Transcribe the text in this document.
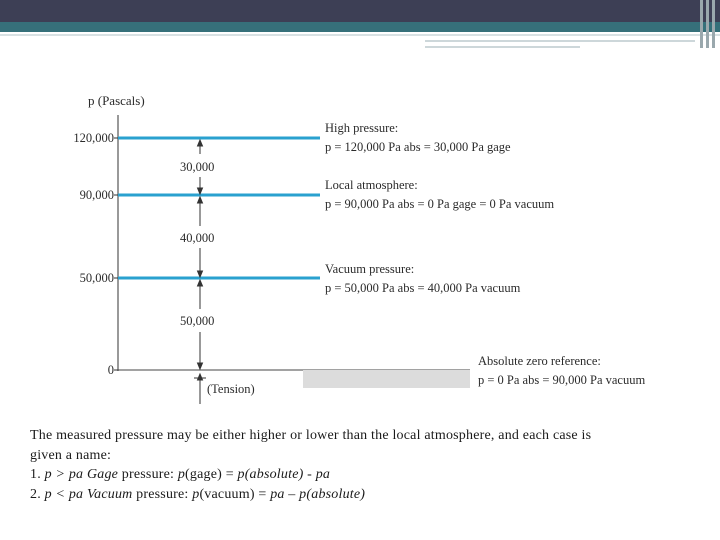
p (Pascals)
120,000
90,000
50,000
0
30,000
40,000
50,000
(Tension)
High pressure:
p = 120,000 Pa abs = 30,000 Pa gage
Local atmosphere:
p = 90,000 Pa abs = 0 Pa gage = 0 Pa vacuum
Vacuum pressure:
p = 50,000 Pa abs = 40,000 Pa vacuum
Absolute zero reference:
p = 0 Pa abs = 90,000 Pa vacuum
The measured pressure may be either higher or lower than the local atmosphere, and each case is
given a name:
1. p > pa Gage pressure: p(gage) = p(absolute) - pa
2. p < pa Vacuum pressure: p(vacuum) = pa – p(absolute)
